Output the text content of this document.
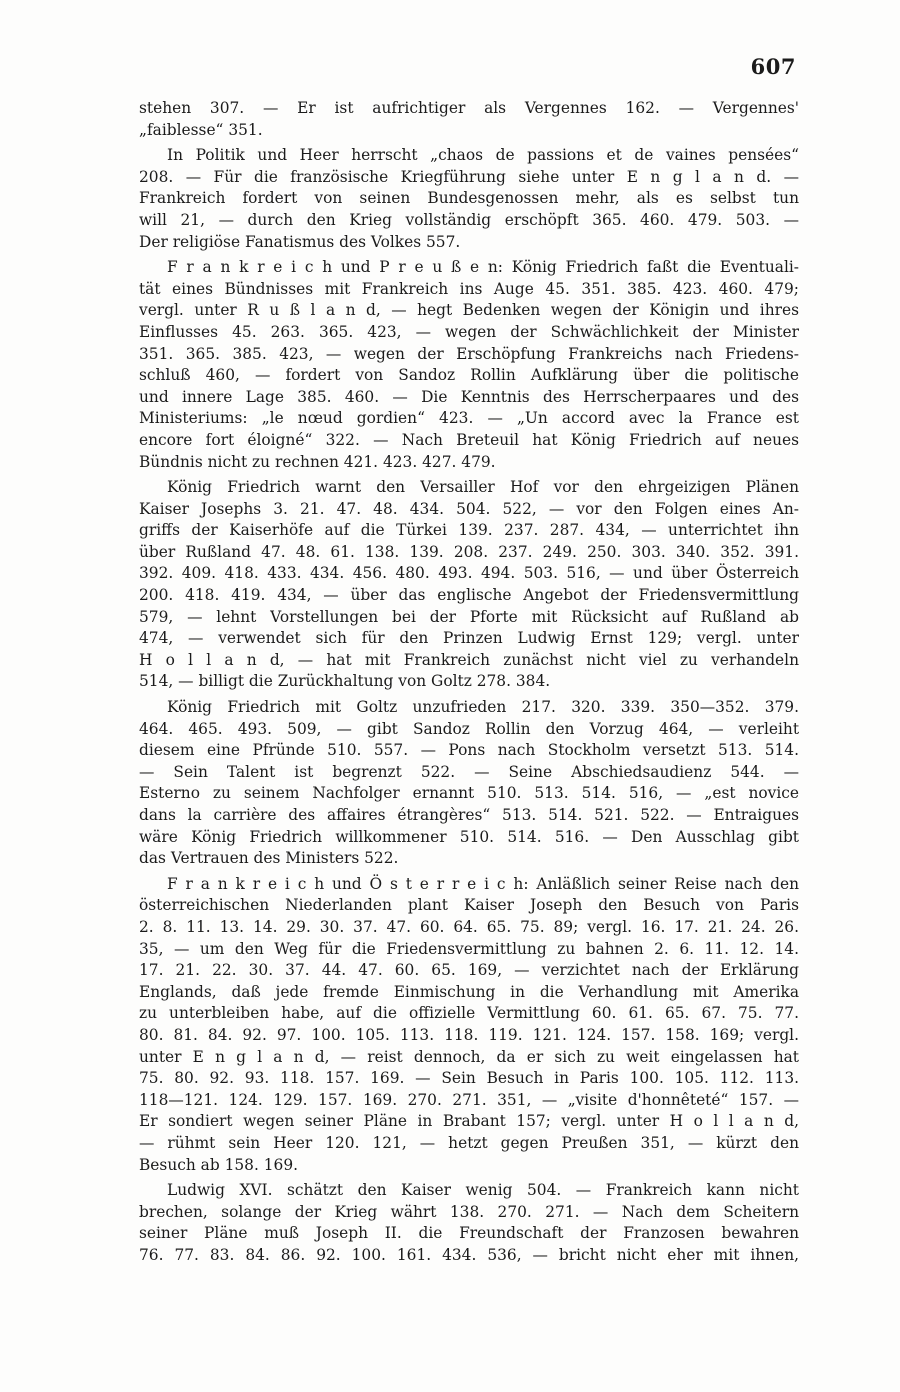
607
stehen 307. — Er ist aufrichtiger als Vergennes 162. — Vergennes'
„faiblesse“ 351.
In Politik und Heer herrscht „chaos de passions et de vaines pensées“
208. — Für die französische Kriegführung siehe unter E n g l a n d. —
Frankreich fordert von seinen Bundesgenossen mehr, als es selbst tun
will 21, — durch den Krieg vollständig erschöpft 365. 460. 479. 503. —
Der religiöse Fanatismus des Volkes 557.
F r a n k r e i c h und P r e u ß e n: König Friedrich faßt die Eventuali-
tät eines Bündnisses mit Frankreich ins Auge 45. 351. 385. 423. 460. 479;
vergl. unter R u ß l a n d, — hegt Bedenken wegen der Königin und ihres
Einflusses 45. 263. 365. 423, — wegen der Schwächlichkeit der Minister
351. 365. 385. 423, — wegen der Erschöpfung Frankreichs nach Friedens-
schluß 460, — fordert von Sandoz Rollin Aufklärung über die politische
und innere Lage 385. 460. — Die Kenntnis des Herrscherpaares und des
Ministeriums: „le nœud gordien“ 423. — „Un accord avec la France est
encore fort éloigné“ 322. — Nach Breteuil hat König Friedrich auf neues
Bündnis nicht zu rechnen 421. 423. 427. 479.
König Friedrich warnt den Versailler Hof vor den ehrgeizigen Plänen
Kaiser Josephs 3. 21. 47. 48. 434. 504. 522, — vor den Folgen eines An-
griffs der Kaiserhöfe auf die Türkei 139. 237. 287. 434, — unterrichtet ihn
über Rußland 47. 48. 61. 138. 139. 208. 237. 249. 250. 303. 340. 352. 391.
392. 409. 418. 433. 434. 456. 480. 493. 494. 503. 516, — und über Österreich
200. 418. 419. 434, — über das englische Angebot der Friedensvermittlung
579, — lehnt Vorstellungen bei der Pforte mit Rücksicht auf Rußland ab
474, — verwendet sich für den Prinzen Ludwig Ernst 129; vergl. unter
H o l l a n d, — hat mit Frankreich zunächst nicht viel zu verhandeln
514, — billigt die Zurückhaltung von Goltz 278. 384.
König Friedrich mit Goltz unzufrieden 217. 320. 339. 350—352. 379.
464. 465. 493. 509, — gibt Sandoz Rollin den Vorzug 464, — verleiht
diesem eine Pfründe 510. 557. — Pons nach Stockholm versetzt 513. 514.
— Sein Talent ist begrenzt 522. — Seine Abschiedsaudienz 544. —
Esterno zu seinem Nachfolger ernannt 510. 513. 514. 516, — „est novice
dans la carrière des affaires étrangères“ 513. 514. 521. 522. — Entraigues
wäre König Friedrich willkommener 510. 514. 516. — Den Ausschlag gibt
das Vertrauen des Ministers 522.
F r a n k r e i c h und Ö s t e r r e i c h: Anläßlich seiner Reise nach den
österreichischen Niederlanden plant Kaiser Joseph den Besuch von Paris
2. 8. 11. 13. 14. 29. 30. 37. 47. 60. 64. 65. 75. 89; vergl. 16. 17. 21. 24. 26.
35, — um den Weg für die Friedensvermittlung zu bahnen 2. 6. 11. 12. 14.
17. 21. 22. 30. 37. 44. 47. 60. 65. 169, — verzichtet nach der Erklärung
Englands, daß jede fremde Einmischung in die Verhandlung mit Amerika
zu unterbleiben habe, auf die offizielle Vermittlung 60. 61. 65. 67. 75. 77.
80. 81. 84. 92. 97. 100. 105. 113. 118. 119. 121. 124. 157. 158. 169; vergl.
unter E n g l a n d, — reist dennoch, da er sich zu weit eingelassen hat
75. 80. 92. 93. 118. 157. 169. — Sein Besuch in Paris 100. 105. 112. 113.
118—121. 124. 129. 157. 169. 270. 271. 351, — „visite d'honnêteté“ 157. —
Er sondiert wegen seiner Pläne in Brabant 157; vergl. unter H o l l a n d,
— rühmt sein Heer 120. 121, — hetzt gegen Preußen 351, — kürzt den
Besuch ab 158. 169.
Ludwig XVI. schätzt den Kaiser wenig 504. — Frankreich kann nicht
brechen, solange der Krieg währt 138. 270. 271. — Nach dem Scheitern
seiner Pläne muß Joseph II. die Freundschaft der Franzosen bewahren
76. 77. 83. 84. 86. 92. 100. 161. 434. 536, — bricht nicht eher mit ihnen,
